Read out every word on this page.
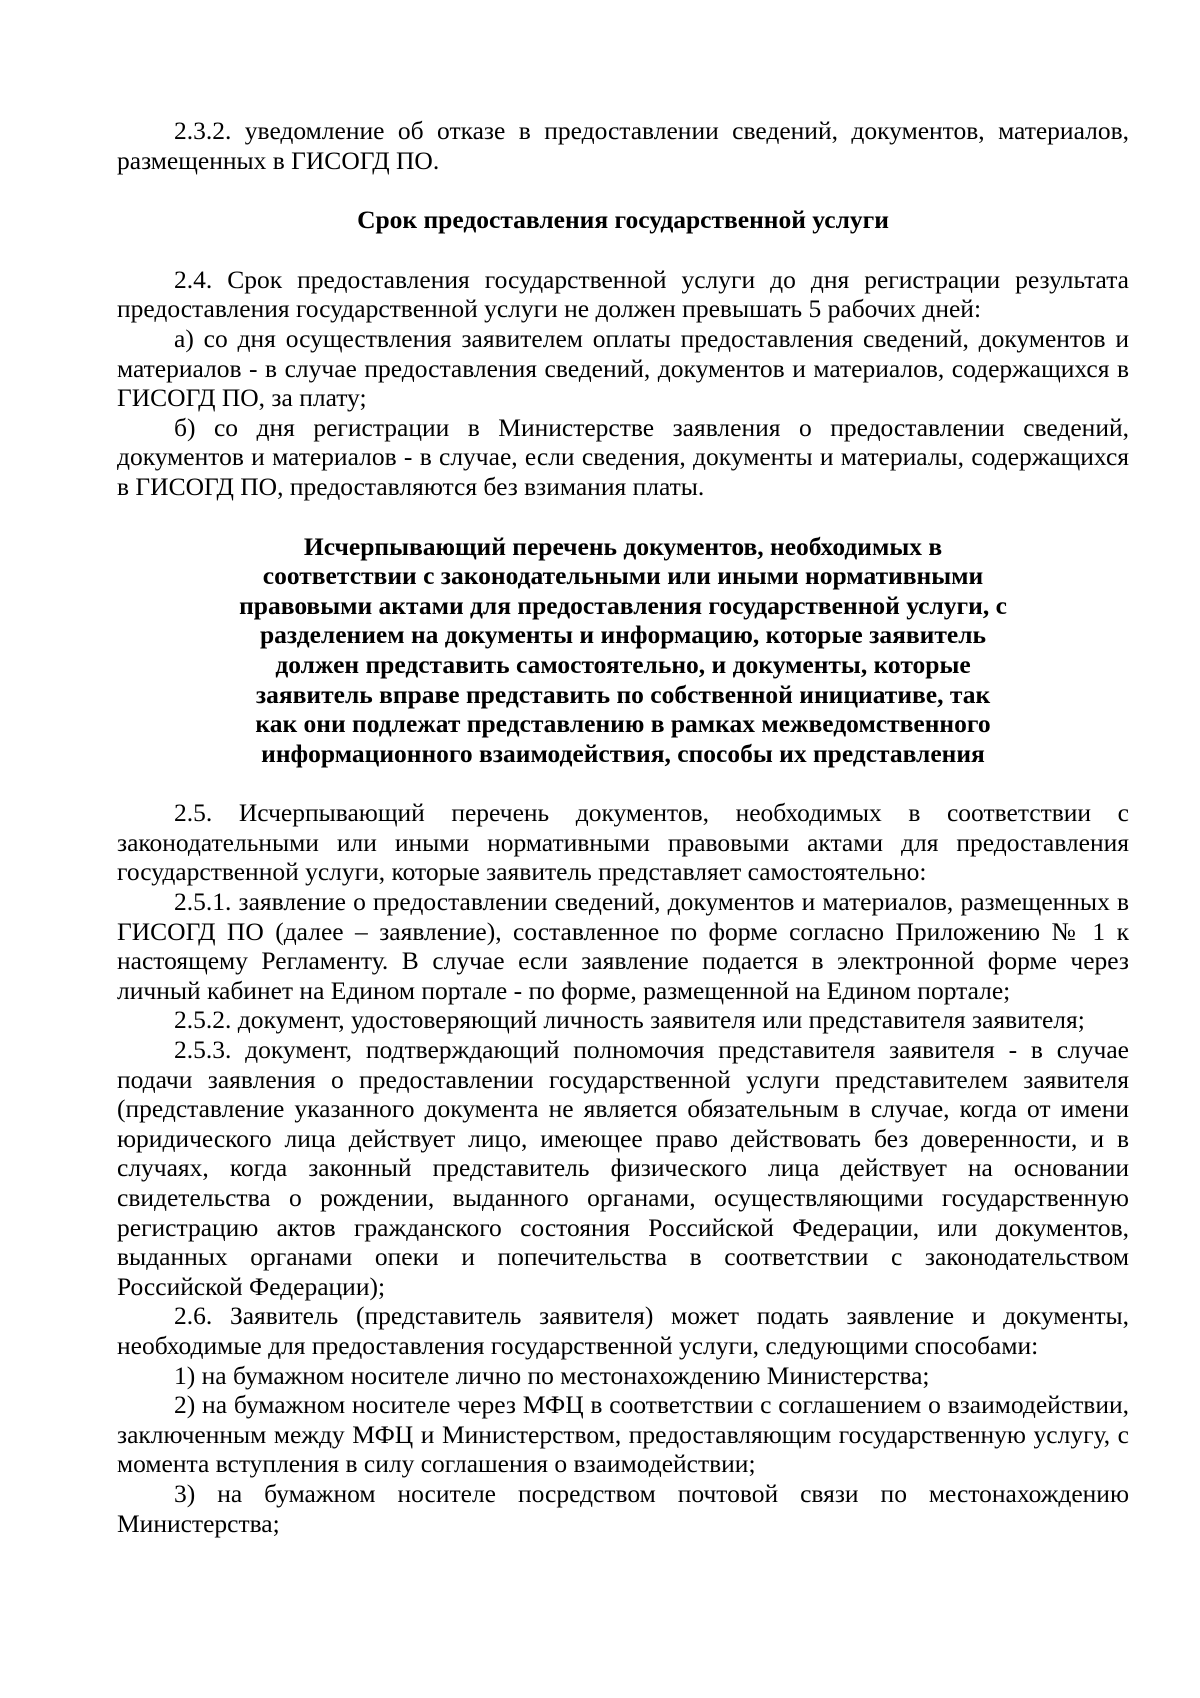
2.3.2. уведомление об отказе в предоставлении сведений, документов, материалов, размещенных в ГИСОГД ПО.

Срок предоставления государственной услуги

2.4. Срок предоставления государственной услуги до дня регистрации результата предоставления государственной услуги не должен превышать 5 рабочих дней:

а) со дня осуществления заявителем оплаты предоставления сведений, документов и материалов - в случае предоставления сведений, документов и материалов, содержащихся в ГИСОГД ПО, за плату;

б) со дня регистрации в Министерстве заявления о предоставлении сведений, документов и материалов - в случае, если сведения, документы и материалы, содержащихся в ГИСОГД ПО, предоставляются без взимания платы.

Исчерпывающий перечень документов, необходимых в соответствии с законодательными или иными нормативными правовыми актами для предоставления государственной услуги, с разделением на документы и информацию, которые заявитель должен представить самостоятельно, и документы, которые заявитель вправе представить по собственной инициативе, так как они подлежат представлению в рамках межведомственного информационного взаимодействия, способы их представления

2.5. Исчерпывающий перечень документов, необходимых в соответствии с законодательными или иными нормативными правовыми актами для предоставления государственной услуги, которые заявитель представляет самостоятельно:

2.5.1. заявление о предоставлении сведений, документов и материалов, размещенных в ГИСОГД ПО (далее – заявление), составленное по форме согласно Приложению № 1 к настоящему Регламенту. В случае если заявление подается в электронной форме через личный кабинет на Едином портале - по форме, размещенной на Едином портале;

2.5.2. документ, удостоверяющий личность заявителя или представителя заявителя;

2.5.3. документ, подтверждающий полномочия представителя заявителя - в случае подачи заявления о предоставлении государственной услуги представителем заявителя (представление указанного документа не является обязательным в случае, когда от имени юридического лица действует лицо, имеющее право действовать без доверенности, и в случаях, когда законный представитель физического лица действует на основании свидетельства о рождении, выданного органами, осуществляющими государственную регистрацию актов гражданского состояния Российской Федерации, или документов, выданных органами опеки и попечительства в соответствии с законодательством Российской Федерации);

2.6. Заявитель (представитель заявителя) может подать заявление и документы, необходимые для предоставления государственной услуги, следующими способами:

1) на бумажном носителе лично по местонахождению Министерства;

2) на бумажном носителе через МФЦ в соответствии с соглашением о взаимодействии, заключенным между МФЦ и Министерством, предоставляющим государственную услугу, с момента вступления в силу соглашения о взаимодействии;

3) на бумажном носителе посредством почтовой связи по местонахождению Министерства;
